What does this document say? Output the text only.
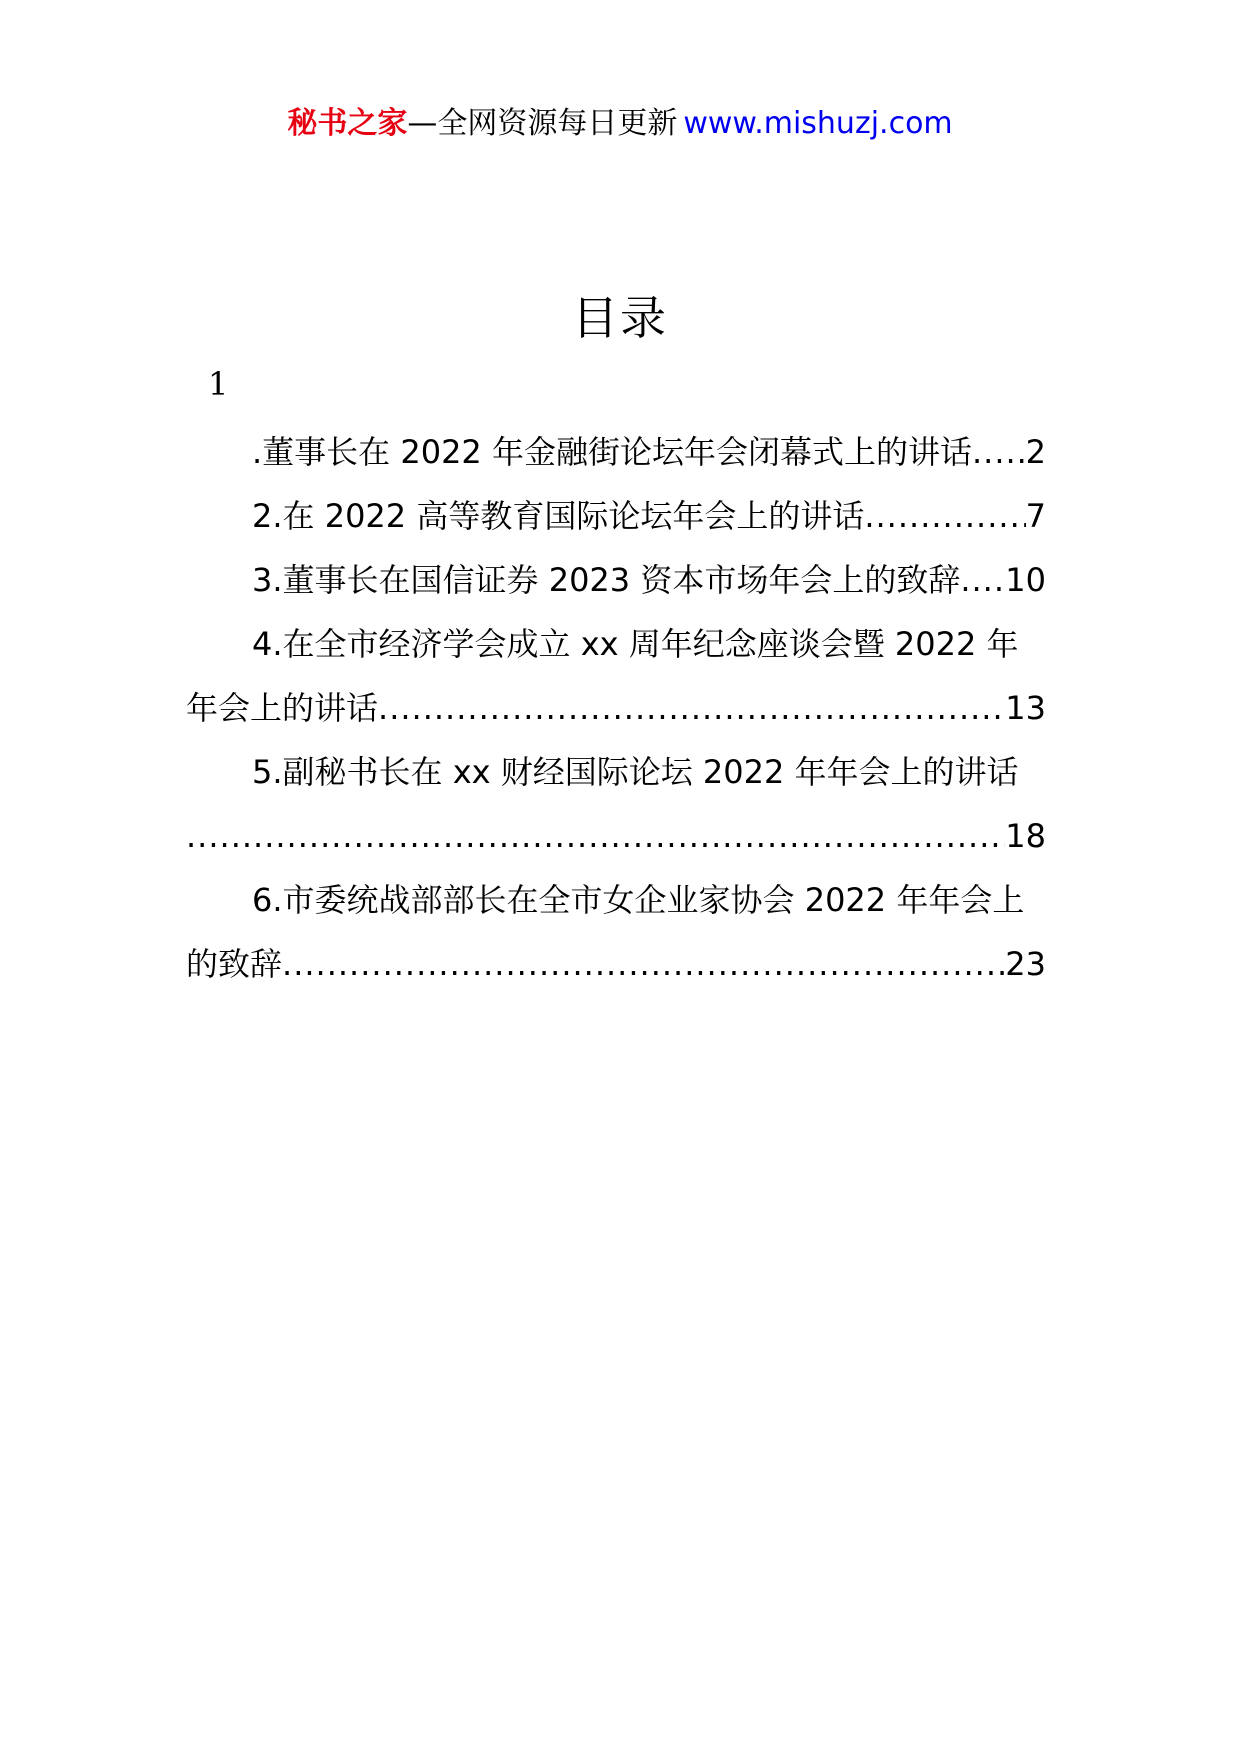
秘书之家—全网资源每日更新 www.mishuzj.com
目录
1
.董事长在 2022 年金融街论坛年会闭幕式上的讲话 ..... 2
2.在 2022 高等教育国际论坛年会上的讲话 .....	7
3.董事长在国信证券 2023 资本市场年会上的致辞 ..... 10
4.在全市经济学会成立 xx 周年纪念座谈会暨 2022 年
年会上的讲话 .....	13
5.副秘书长在 xx 财经国际论坛 2022 年年会上的讲话
.....
18
6.市委统战部部长在全市女企业家协会 2022 年年会上
的致辞 .....	23
